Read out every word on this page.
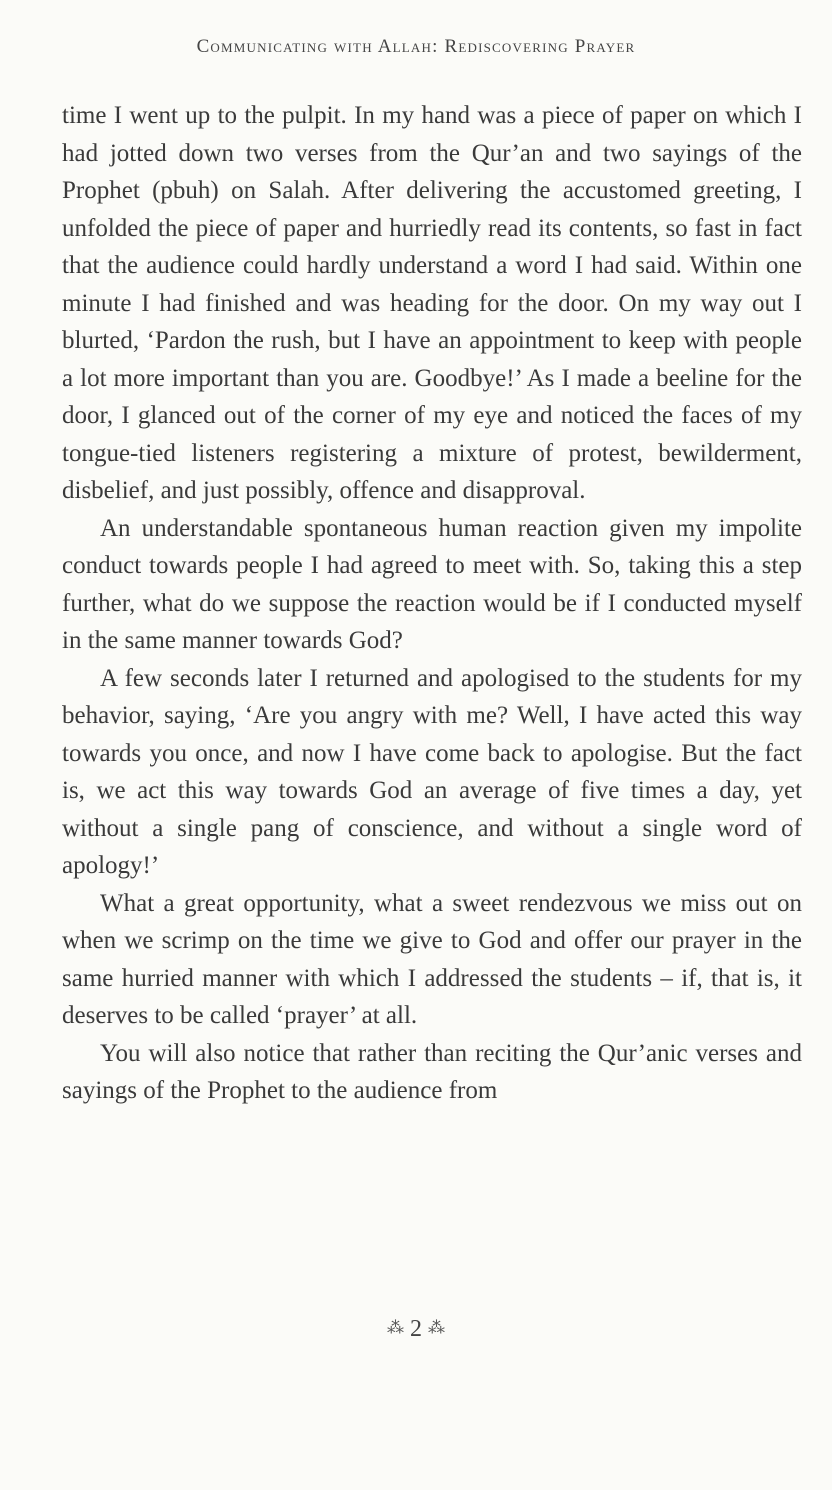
Communicating with Allah: Rediscovering Prayer

time I went up to the pulpit. In my hand was a piece of paper on which I had jotted down two verses from the Qur’an and two sayings of the Prophet (pbuh) on Salah. After delivering the accustomed greeting, I unfolded the piece of paper and hurriedly read its contents, so fast in fact that the audience could hardly understand a word I had said. Within one minute I had finished and was heading for the door. On my way out I blurted, ‘Pardon the rush, but I have an appointment to keep with people a lot more important than you are. Goodbye!’ As I made a beeline for the door, I glanced out of the corner of my eye and noticed the faces of my tongue-tied listeners registering a mixture of protest, bewilderment, disbelief, and just possibly, offence and disapproval.

An understandable spontaneous human reaction given my impolite conduct towards people I had agreed to meet with. So, taking this a step further, what do we suppose the reaction would be if I conducted myself in the same manner towards God?

A few seconds later I returned and apologised to the students for my behavior, saying, ‘Are you angry with me? Well, I have acted this way towards you once, and now I have come back to apologise. But the fact is, we act this way towards God an average of five times a day, yet without a single pang of conscience, and without a single word of apology!’

What a great opportunity, what a sweet rendezvous we miss out on when we scrimp on the time we give to God and offer our prayer in the same hurried manner with which I addressed the students – if, that is, it deserves to be called ‘prayer’ at all.

You will also notice that rather than reciting the Qur’anic verses and sayings of the Prophet to the audience from

⁂ 2 ⁂
